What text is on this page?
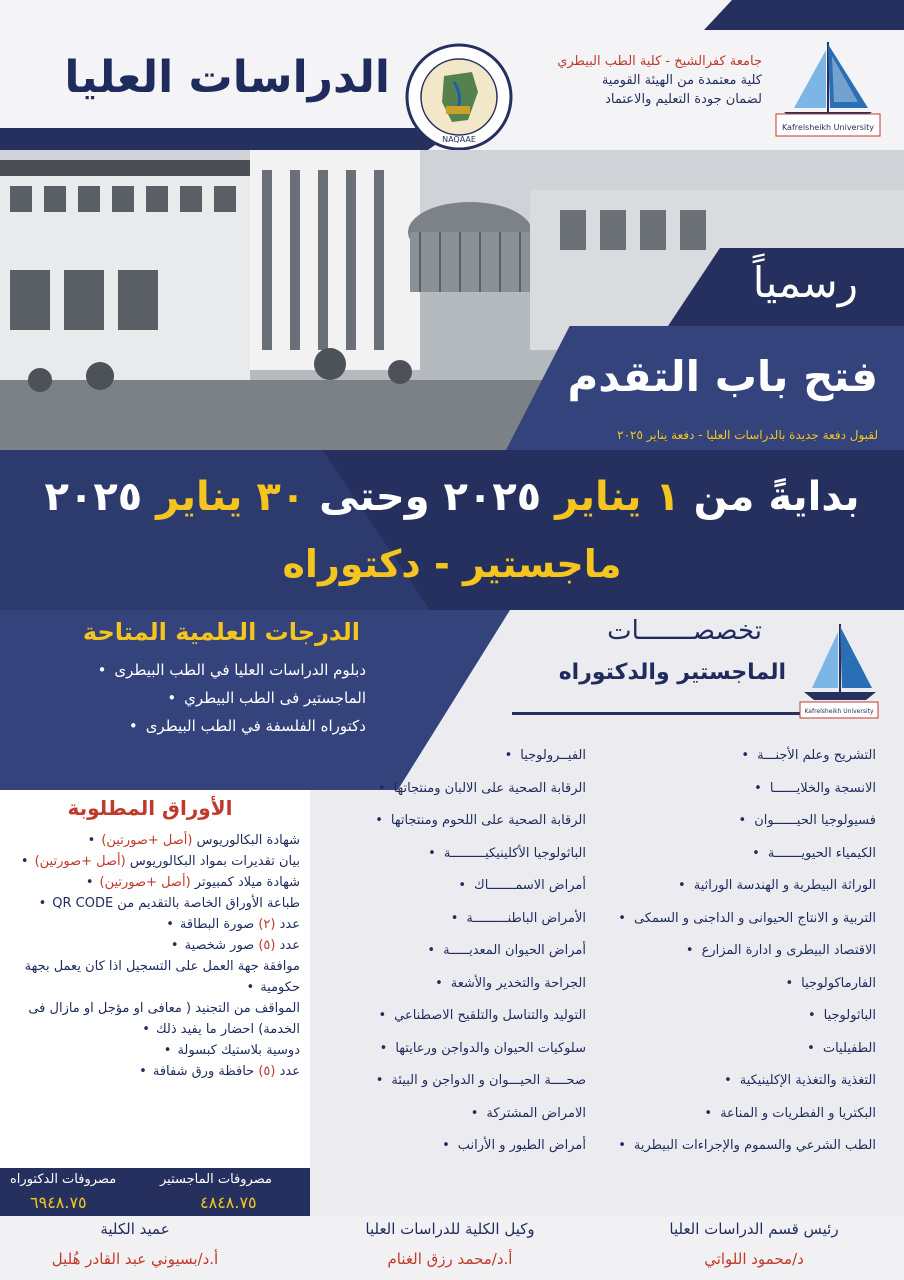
الدراسات العليا
NAQAAE
جامعة كفرالشيخ - كلية الطب البيطري
كلية معتمدة من الهيئة القومية
لضمان جودة التعليم والاعتماد
Kafrelsheikh University
رسمياً
فتح باب التقدم
لقبول دفعة جديدة بالدراسات العليا - دفعة يناير ٢٠٢٥
بدايةً من ١ يناير ٢٠٢٥ وحتى ٣٠ يناير ٢٠٢٥
ماجستير - دكتوراه
الدرجات العلمية المتاحة
دبلوم الدراسات العليا في الطب البيطرى •
الماجستير فى الطب البيطري •
دكتوراه الفلسفة في الطب البيطرى •
تخصصـــــــات
الماجستير والدكتوراه
Kafrelsheikh University
التشريح وعلم الأجنـــة •
الانسجة والخلايــــــا •
فسيولوجيا الحيــــــوان •
الكيمياء الحيويـــــــة •
الوراثة البيطرية و الهندسة الوراثية •
التربية و الانتاج الحيوانى و الداجنى و السمكى •
الاقتصاد البيطرى و ادارة المزارع •
الفارماكولوجيا •
الباثولوجيا •
الطفيليات •
التغذية والتغذية الإكلينيكية •
البكتريا و الفطريات و المناعة •
الطب الشرعي والسموم والإجراءات البيطرية •
الفيــرولوجيا •
الرقابة الصحية على الالبان ومنتجاتها •
الرقابة الصحية على اللحوم ومنتجاتها •
الباثولوجيا الأكلينيكيـــــــــة •
أمراض الاسمـــــــاك •
الأمراض الباطنـــــــــة •
أمراض الحيوان المعديـــــة •
الجراحة والتخدير والأشعة •
التوليد والتناسل والتلقيح الاصطناعي •
سلوكيات الحيوان والدواجن ورعايتها •
صحــــة الحيـــوان و الدواجن و البيئة •
الامراض المشتركة •
أمراض الطيور و الأرانب •
الأوراق المطلوبة
شهادة البكالوريوس (أصل +صورتين) •
بيان تقديرات بمواد البكالوريوس (أصل +صورتين) •
شهادة ميلاد كمبيوتر (أصل +صورتين) •
طباعة الأوراق الخاصة بالتقديم من QR CODE •
عدد (٢) صورة البطاقة •
عدد (٥) صور شخصية •
موافقة جهة العمل على التسجيل اذا كان يعمل بجهة حكومية •
المواقف من التجنيد ( معافى او مؤجل او مازال فى الخدمة) احضار ما يفيد ذلك •
دوسية بلاستيك كبسولة •
عدد (٥) حافظة ورق شفافة •
مصروفات الدكتوراه
٦٩٤٨.٧٥
مصروفات الماجستير
٤٨٤٨.٧٥
رئيس قسم الدراسات العليا
د/محمود اللواتي
وكيل الكلية للدراسات العليا
أ.د/محمد رزق الغنام
عميد الكلية
أ.د/بسيوني عبد القادر هُليل
